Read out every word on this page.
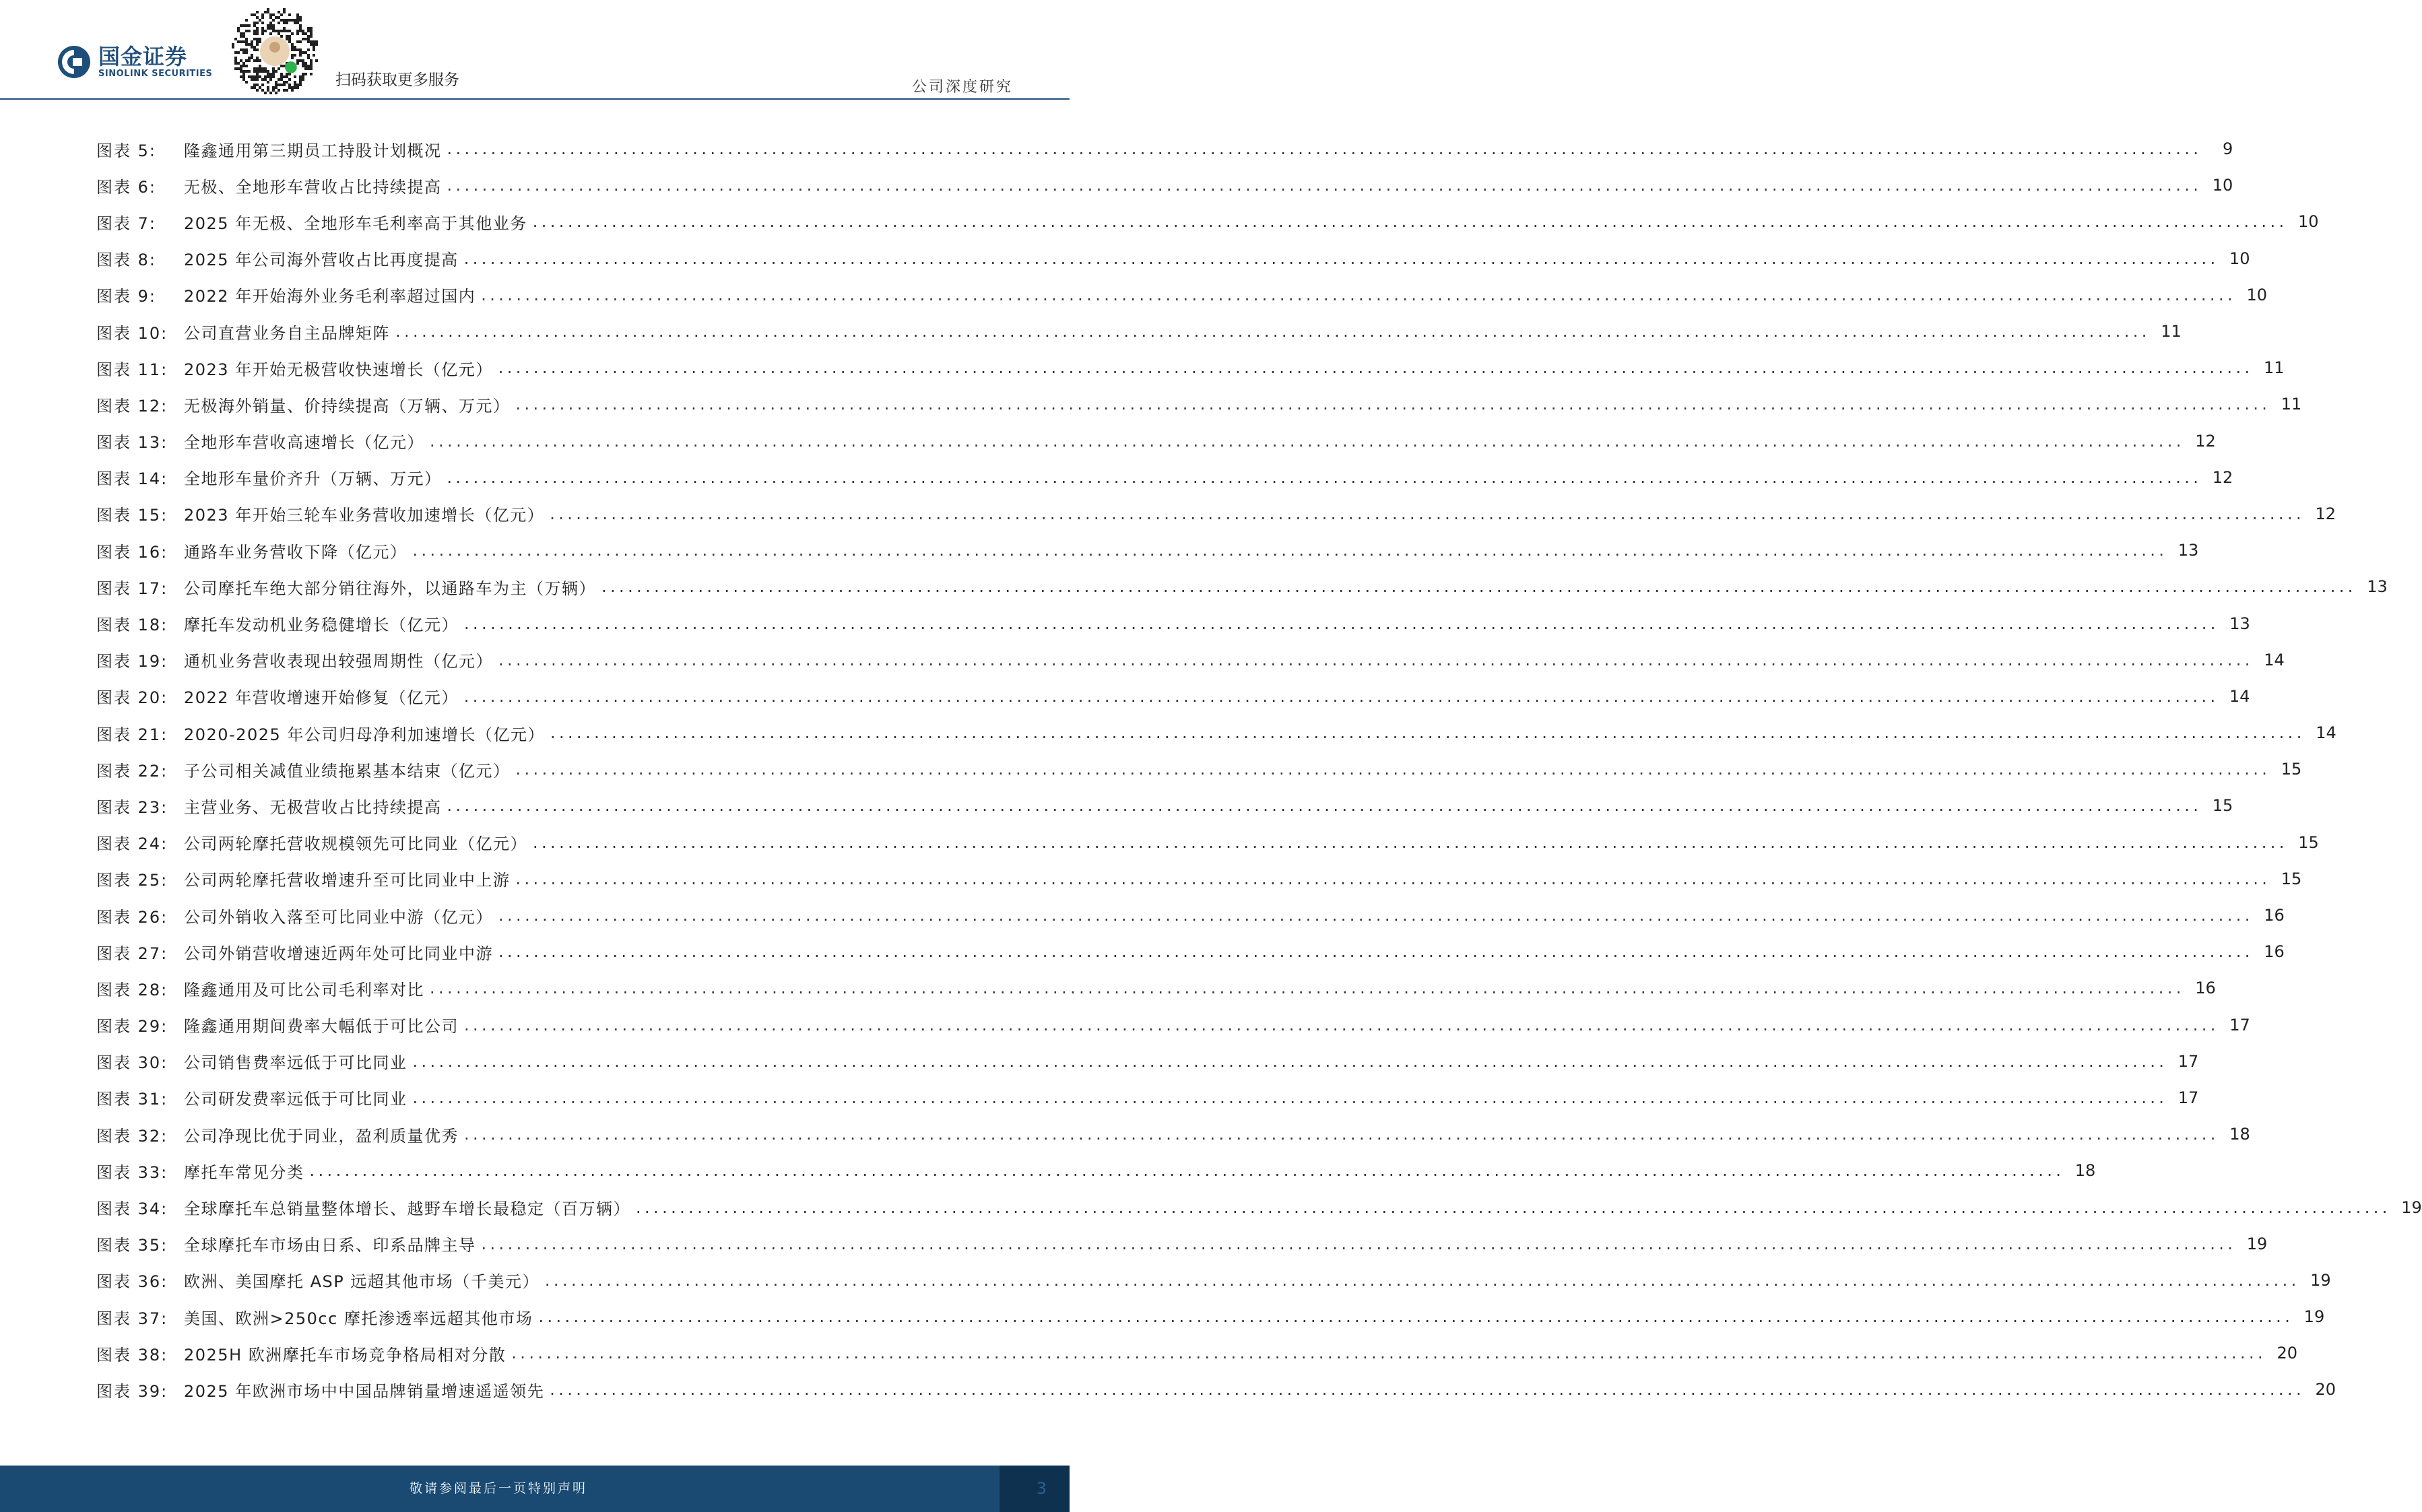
国金证券
SINOLINK SECURITIES	扫码获取更多服务	公司深度研究
图表 5:	隆鑫通用第三期员工持股计划概况 ........................................................................................................................................................................................................	9
图表 6:	无极、全地形车营收占比持续提高 ........................................................................................................................................................................................................ 10
图表 7:	2025 年无极、全地形车毛利率高于其他业务 ........................................................................................................................................................................................................ 10
图表 8:	2025 年公司海外营收占比再度提高 ........................................................................................................................................................................................................ 10
图表 9:	2022 年开始海外业务毛利率超过国内 ........................................................................................................................................................................................................ 10
图表 10: 公司直营业务自主品牌矩阵 ........................................................................................................................................................................................................ 11
图表 11: 2023 年开始无极营收快速增长（亿元） ........................................................................................................................................................................................................ 11
图表 12: 无极海外销量、价持续提高（万辆、万元） ........................................................................................................................................................................................................ 11
图表 13: 全地形车营收高速增长（亿元） ........................................................................................................................................................................................................ 12
图表 14: 全地形车量价齐升（万辆、万元） ........................................................................................................................................................................................................ 12
图表 15: 2023 年开始三轮车业务营收加速增长（亿元） ........................................................................................................................................................................................................ 12
图表 16: 通路车业务营收下降（亿元） ........................................................................................................................................................................................................ 13
图表 17: 公司摩托车绝大部分销往海外，以通路车为主（万辆） ........................................................................................................................................................................................................ 13
图表 18: 摩托车发动机业务稳健增长（亿元） ........................................................................................................................................................................................................ 13
图表 19: 通机业务营收表现出较强周期性（亿元） ........................................................................................................................................................................................................ 14
图表 20: 2022 年营收增速开始修复（亿元） ........................................................................................................................................................................................................ 14
图表 21: 2020-2025 年公司归母净利加速增长（亿元） ........................................................................................................................................................................................................ 14
图表 22: 子公司相关减值业绩拖累基本结束（亿元） ........................................................................................................................................................................................................ 15
图表 23: 主营业务、无极营收占比持续提高 ........................................................................................................................................................................................................ 15
图表 24: 公司两轮摩托营收规模领先可比同业（亿元） ........................................................................................................................................................................................................ 15
图表 25: 公司两轮摩托营收增速升至可比同业中上游 ........................................................................................................................................................................................................ 15
图表 26: 公司外销收入落至可比同业中游（亿元） ........................................................................................................................................................................................................ 16
图表 27: 公司外销营收增速近两年处可比同业中游 ........................................................................................................................................................................................................ 16
图表 28: 隆鑫通用及可比公司毛利率对比 ........................................................................................................................................................................................................ 16
图表 29: 隆鑫通用期间费率大幅低于可比公司 ........................................................................................................................................................................................................ 17
图表 30: 公司销售费率远低于可比同业 ........................................................................................................................................................................................................ 17
图表 31: 公司研发费率远低于可比同业 ........................................................................................................................................................................................................ 17
图表 32: 公司净现比优于同业，盈利质量优秀 ........................................................................................................................................................................................................ 18
图表 33: 摩托车常见分类 ........................................................................................................................................................................................................ 18
图表 34: 全球摩托车总销量整体增长、越野车增长最稳定（百万辆） ........................................................................................................................................................................................................ 19
图表 35: 全球摩托车市场由日系、印系品牌主导 ........................................................................................................................................................................................................ 19
图表 36: 欧洲、美国摩托 ASP 远超其他市场（千美元） ........................................................................................................................................................................................................ 19
图表 37: 美国、欧洲>250cc 摩托渗透率远超其他市场 ........................................................................................................................................................................................................ 19
图表 38: 2025H 欧洲摩托车市场竞争格局相对分散 ........................................................................................................................................................................................................ 20
图表 39: 2025 年欧洲市场中中国品牌销量增速遥遥领先 ........................................................................................................................................................................................................ 20
敬请参阅最后一页特别声明	3
